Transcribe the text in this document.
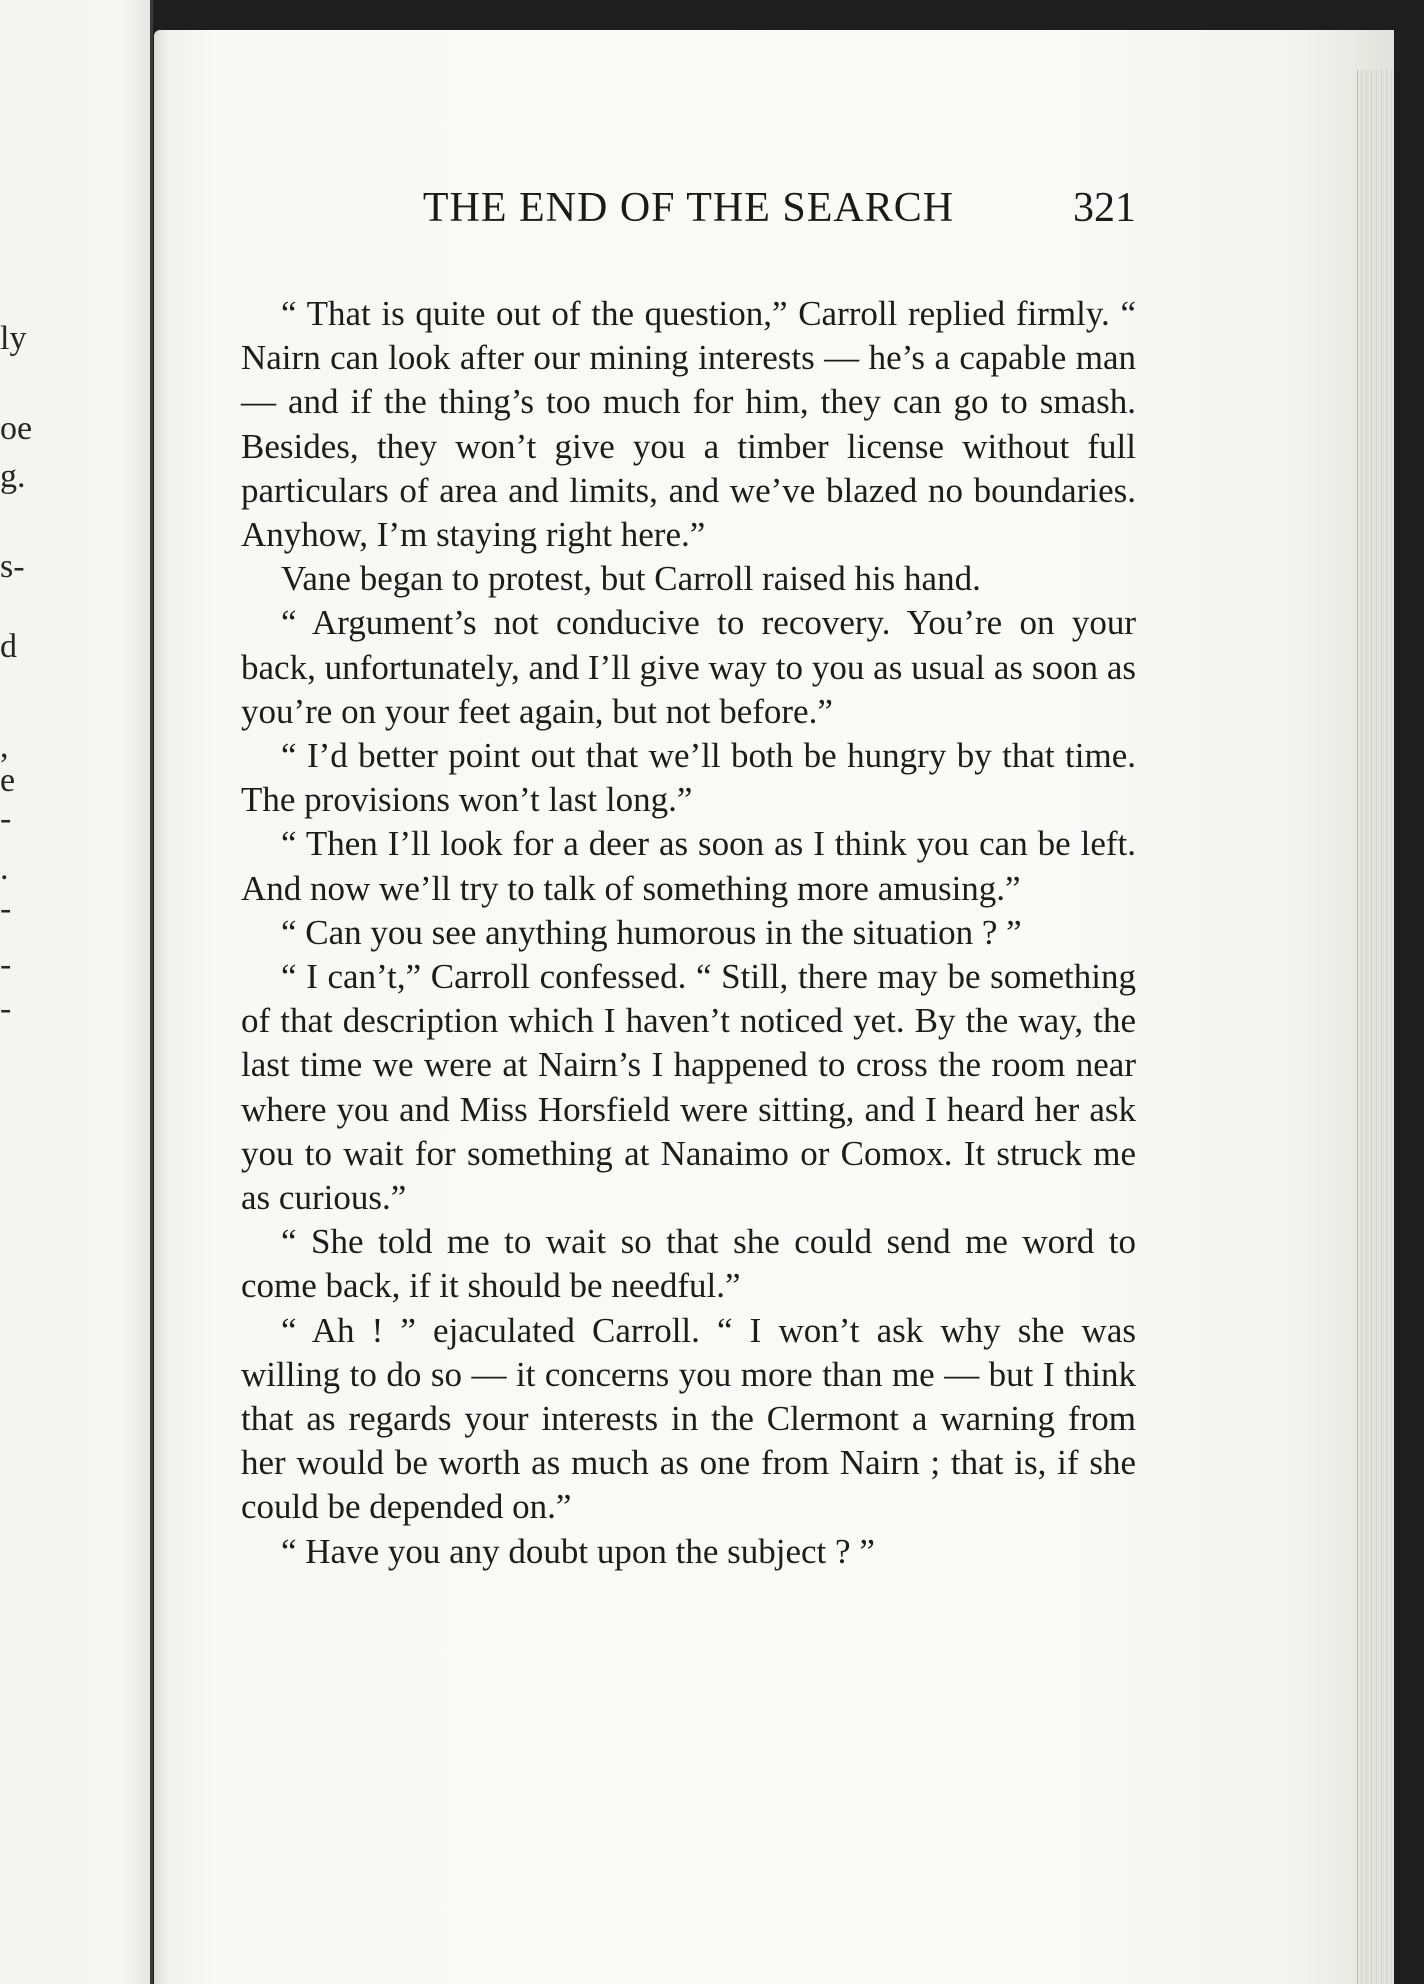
ly
oe
g.
s-
d
,
e
-
.
-
-
-
THE END OF THE SEARCH	321

“ That is quite out of the question,” Carroll replied firmly. “ Nairn can look after our mining interests — he’s a capable man — and if the thing’s too much for him, they can go to smash. Besides, they won’t give you a timber license without full particulars of area and limits, and we’ve blazed no boundaries. Anyhow, I’m staying right here.”

Vane began to protest, but Carroll raised his hand.

“ Argument’s not conducive to recovery. You’re on your back, unfortunately, and I’ll give way to you as usual as soon as you’re on your feet again, but not before.”

“ I’d better point out that we’ll both be hungry by that time. The provisions won’t last long.”

“ Then I’ll look for a deer as soon as I think you can be left. And now we’ll try to talk of something more amusing.”

“ Can you see anything humorous in the situation ? ”

“ I can’t,” Carroll confessed. “ Still, there may be something of that description which I haven’t noticed yet. By the way, the last time we were at Nairn’s I happened to cross the room near where you and Miss Horsfield were sitting, and I heard her ask you to wait for something at Nanaimo or Comox. It struck me as curious.”

“ She told me to wait so that she could send me word to come back, if it should be needful.”

“ Ah ! ” ejaculated Carroll. “ I won’t ask why she was willing to do so — it concerns you more than me — but I think that as regards your interests in the Clermont a warning from her would be worth as much as one from Nairn ; that is, if she could be depended on.”

“ Have you any doubt upon the subject ? ”
